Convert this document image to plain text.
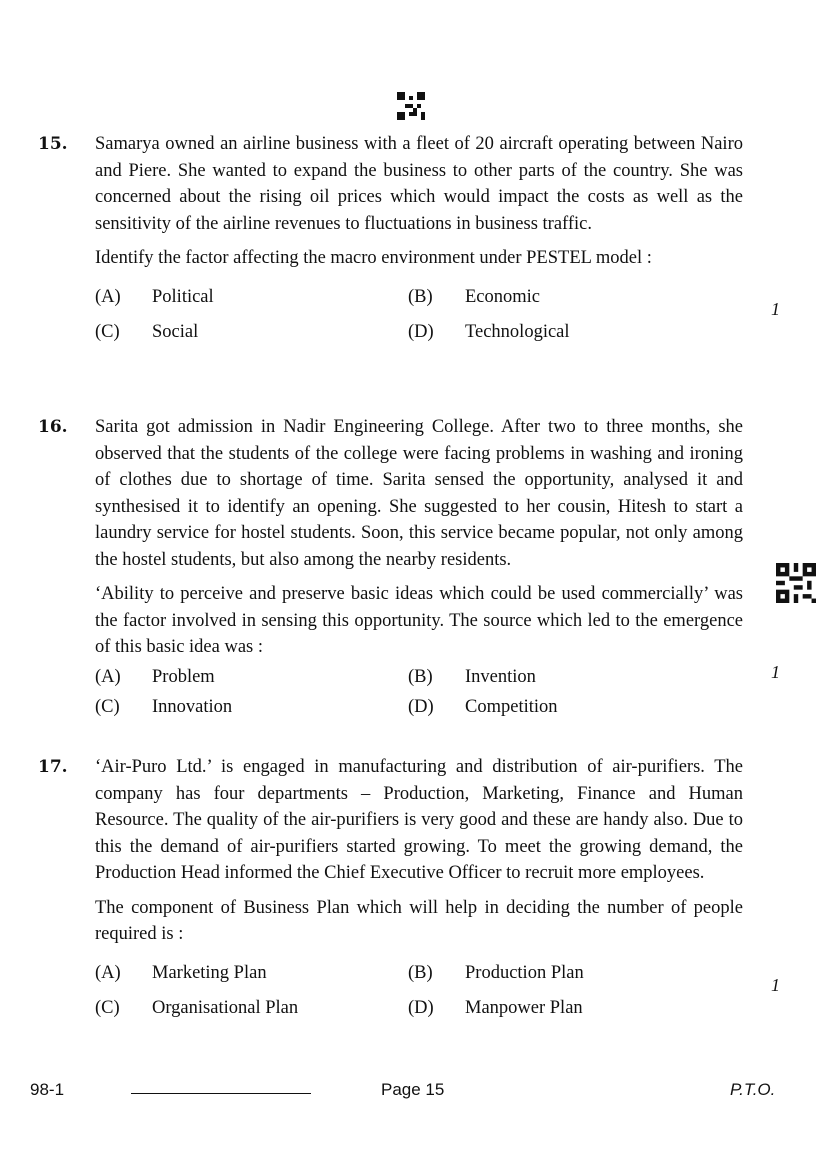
15. Samarya owned an airline business with a fleet of 20 aircraft operating between Nairo and Piere. She wanted to expand the business to other parts of the country. She was concerned about the rising oil prices which would impact the costs as well as the sensitivity of the airline revenues to fluctuations in business traffic.

Identify the factor affecting the macro environment under PESTEL model :

(A)	Political	(B)	Economic
(C)	Social	(D)	Technological
1
16. Sarita got admission in Nadir Engineering College. After two to three months, she observed that the students of the college were facing problems in washing and ironing of clothes due to shortage of time. Sarita sensed the opportunity, analysed it and synthesised it to identify an opening. She suggested to her cousin, Hitesh to start a laundry service for hostel students. Soon, this service became popular, not only among the hostel students, but also among the nearby residents.

‘Ability to perceive and preserve basic ideas which could be used commercially’ was the factor involved in sensing this opportunity. The source which led to the emergence of this basic idea was :

(A)	Problem	(B)	Invention
(C)	Innovation	(D)	Competition
1
17. ‘Air-Puro Ltd.’ is engaged in manufacturing and distribution of air-purifiers. The company has four departments – Production, Marketing, Finance and Human Resource. The quality of the air-purifiers is very good and these are handy also. Due to this the demand of air-purifiers started growing. To meet the growing demand, the Production Head informed the Chief Executive Officer to recruit more employees.

The component of Business Plan which will help in deciding the number of people required is :

(A)	Marketing Plan	(B)	Production Plan
(C)	Organisational Plan	(D)	Manpower Plan
1
98-1	Page 15	P.T.O.
